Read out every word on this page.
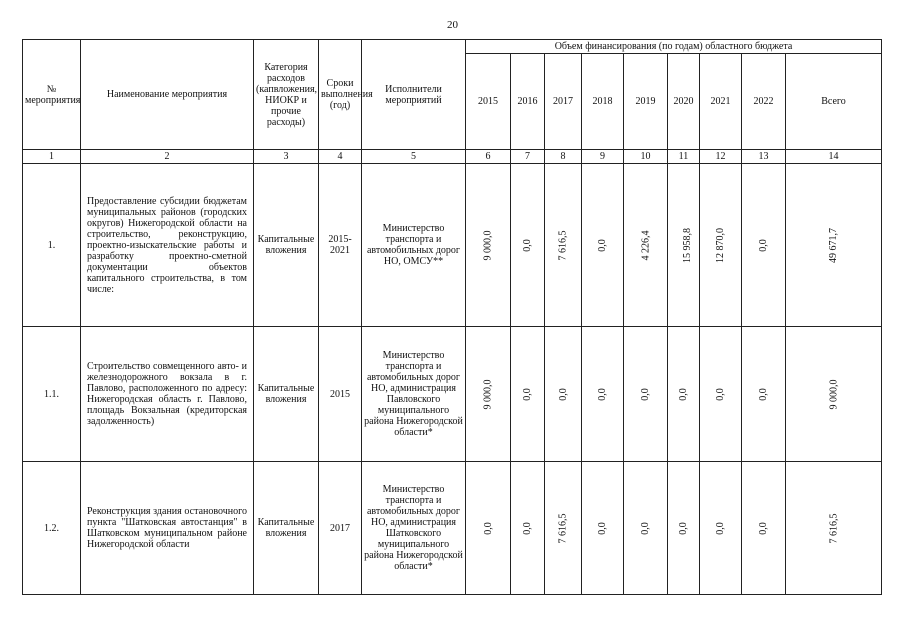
20
№ мероприятия	Наименование мероприятия	Категория расходов (капвложения, НИОКР и прочие расходы)	Сроки выполнения (год)	Исполнители мероприятий	Объем финансирования (по годам) областного бюджета								
					2015	2016	2017	2018	2019	2020	2021	2022	Всего
1	2	3	4	5	6	7	8	9	10	11	12	13	14
1.	Предоставление субсидии бюджетам муниципальных районов (городских округов) Нижегородской области на строительство, реконструкцию, проектно-изыскательские работы и разработку проектно-сметной документации объектов капитального строительства, в том числе:	Капитальные вложения	2015-2021	Министерство транспорта и автомобильных дорог НО, ОМСУ**	9 000,0	0,0	7 616,5	0,0	4 226,4	15 958,8	12 870,0	0,0	49 671,7
1.1.	Строительство совмещенного авто- и железнодорожного вокзала в г. Павлово, расположенного по адресу: Нижегородская область г. Павлово, площадь Вокзальная (кредиторская задолженность)	Капитальные вложения	2015	Министерство транспорта и автомобильных дорог НО, администрация Павловского муниципального района Нижегородской области*	9 000,0	0,0	0,0	0,0	0,0	0,0	0,0	0,0	9 000,0
1.2.	Реконструкция здания остановочного пункта "Шатковская автостанция" в Шатковском муниципальном районе Нижегородской области	Капитальные вложения	2017	Министерство транспорта и автомобильных дорог НО, администрация Шатковского муниципального района Нижегородской области*	0,0	0,0	7 616,5	0,0	0,0	0,0	0,0	0,0	7 616,5
